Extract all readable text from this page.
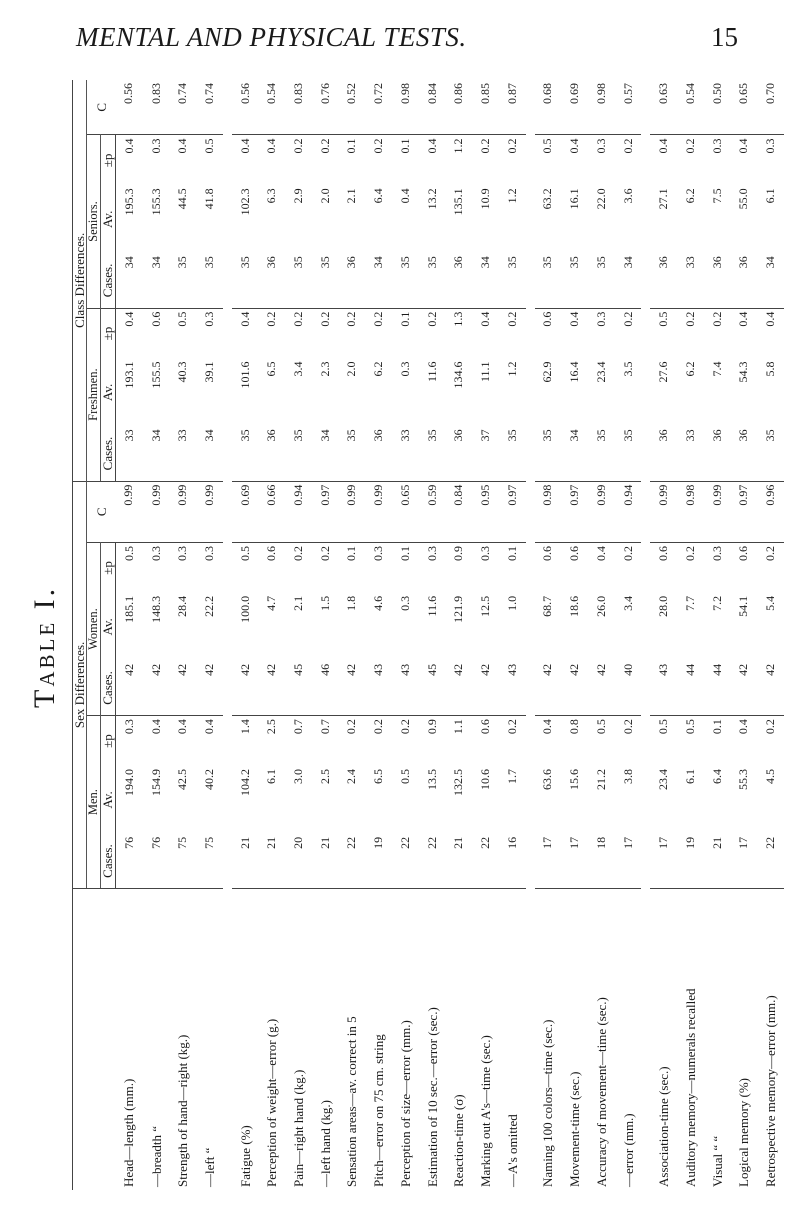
MENTAL AND PHYSICAL TESTS.	15
Table I.
	Sex Differences.							Class Differences.						
	Men.			Women.			C	Freshmen.			Seniors.			C
	Cases.	Av.	±p	Cases.	Av.	±p		Cases.	Av.	±p	Cases.	Av.	±p	
Head—length (mm.)	76	194.0	0.3	42	185.1	0.5	0.99	33	193.1	0.4	34	195.3	0.4	0.56
—breadth “	76	154.9	0.4	42	148.3	0.3	0.99	34	155.5	0.6	34	155.3	0.3	0.83
Strength of hand—right (kg.)	75	42.5	0.4	42	28.4	0.3	0.99	33	40.3	0.5	35	44.5	0.4	0.74
—left “	75	40.2	0.4	42	22.2	0.3	0.99	34	39.1	0.3	35	41.8	0.5	0.74

Fatigue (%)	21	104.2	1.4	42	100.0	0.5	0.69	35	101.6	0.4	35	102.3	0.4	0.56
Perception of weight—error (g.)	21	6.1	2.5	42	4.7	0.6	0.66	36	6.5	0.2	36	6.3	0.4	0.54
Pain—right hand (kg.)	20	3.0	0.7	45	2.1	0.2	0.94	35	3.4	0.2	35	2.9	0.2	0.83
—left hand (kg.)	21	2.5	0.7	46	1.5	0.2	0.97	34	2.3	0.2	35	2.0	0.2	0.76
Sensation areas—av. correct in 5	22	2.4	0.2	42	1.8	0.1	0.99	35	2.0	0.2	36	2.1	0.1	0.52
Pitch—error on 75 cm. string	19	6.5	0.2	43	4.6	0.3	0.99	36	6.2	0.2	34	6.4	0.2	0.72
Perception of size—error (mm.)	22	0.5	0.2	43	0.3	0.1	0.65	33	0.3	0.1	35	0.4	0.1	0.98
Estimation of 10 sec.—error (sec.)	22	13.5	0.9	45	11.6	0.3	0.59	35	11.6	0.2	35	13.2	0.4	0.84
Reaction-time (σ)	21	132.5	1.1	42	121.9	0.9	0.84	36	134.6	1.3	36	135.1	1.2	0.86
Marking out A's—time (sec.)	22	10.6	0.6	42	12.5	0.3	0.95	37	11.1	0.4	34	10.9	0.2	0.85
—A's omitted	16	1.7	0.2	43	1.0	0.1	0.97	35	1.2	0.2	35	1.2	0.2	0.87

Naming 100 colors—time (sec.)	17	63.6	0.4	42	68.7	0.6	0.98	35	62.9	0.6	35	63.2	0.5	0.68
Movement-time (sec.)	17	15.6	0.8	42	18.6	0.6	0.97	34	16.4	0.4	35	16.1	0.4	0.69
Accuracy of movement—time (sec.)	18	21.2	0.5	42	26.0	0.4	0.99	35	23.4	0.3	35	22.0	0.3	0.98
—error (mm.)	17	3.8	0.2	40	3.4	0.2	0.94	35	3.5	0.2	34	3.6	0.2	0.57

Association-time (sec.)	17	23.4	0.5	43	28.0	0.6	0.99	36	27.6	0.5	36	27.1	0.4	0.63
Auditory memory—numerals recalled	19	6.1	0.5	44	7.7	0.2	0.98	33	6.2	0.2	33	6.2	0.2	0.54
Visual “ “	21	6.4	0.1	44	7.2	0.3	0.99	36	7.4	0.2	36	7.5	0.3	0.50
Logical memory (%)	17	55.3	0.4	42	54.1	0.6	0.97	36	54.3	0.4	36	55.0	0.4	0.65
Retrospective memory—error (mm.)	22	4.5	0.2	42	5.4	0.2	0.96	35	5.8	0.4	34	6.1	0.3	0.70
